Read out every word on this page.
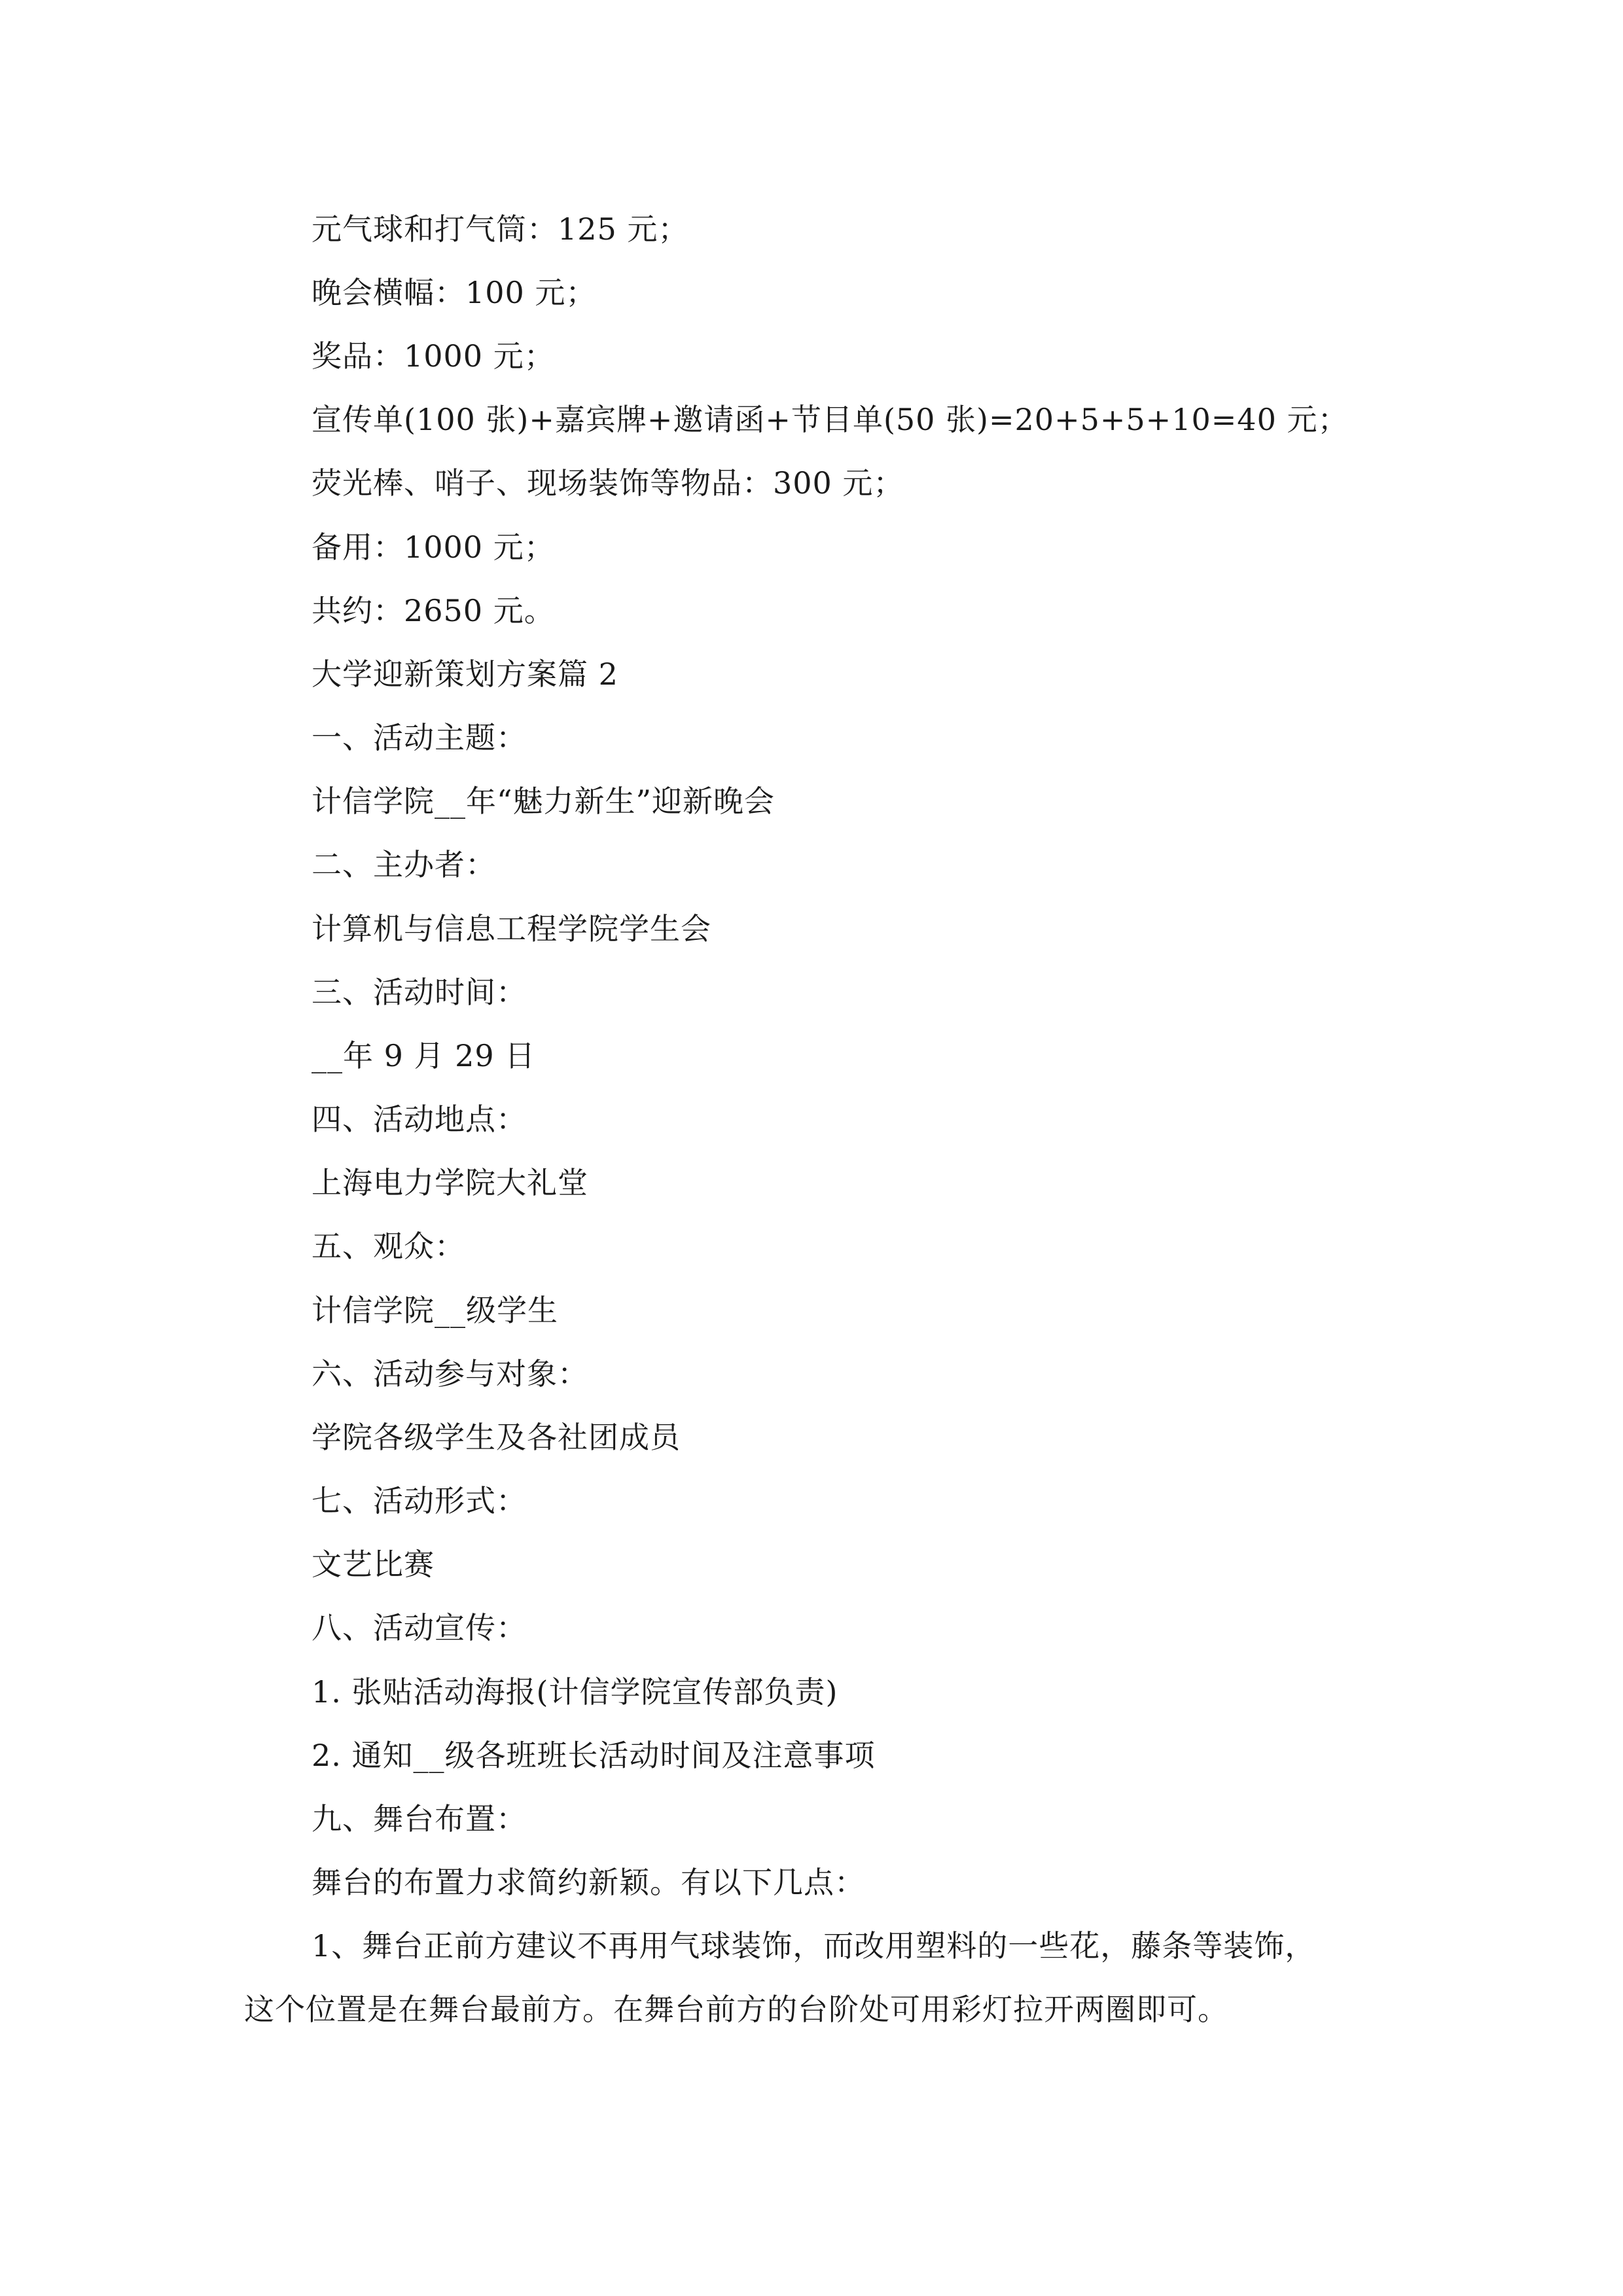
元气球和打气筒：125 元；
晚会横幅：100 元；
奖品：1000 元；
宣传单(100 张)+嘉宾牌+邀请函+节目单(50 张)=20+5+5+10=40 元；
荧光棒、哨子、现场装饰等物品：300 元；
备用：1000 元；
共约：2650 元。
大学迎新策划方案篇 2
一、活动主题：
计信学院__年“魅力新生”迎新晚会
二、主办者：
计算机与信息工程学院学生会
三、活动时间：
__年 9 月 29 日
四、活动地点：
上海电力学院大礼堂
五、观众：
计信学院__级学生
六、活动参与对象：
学院各级学生及各社团成员
七、活动形式：
文艺比赛
八、活动宣传：
1. 张贴活动海报(计信学院宣传部负责)
2. 通知__级各班班长活动时间及注意事项
九、舞台布置：
舞台的布置力求简约新颖。有以下几点：
1、舞台正前方建议不再用气球装饰，而改用塑料的一些花，藤条等装饰，
这个位置是在舞台最前方。在舞台前方的台阶处可用彩灯拉开两圈即可。
